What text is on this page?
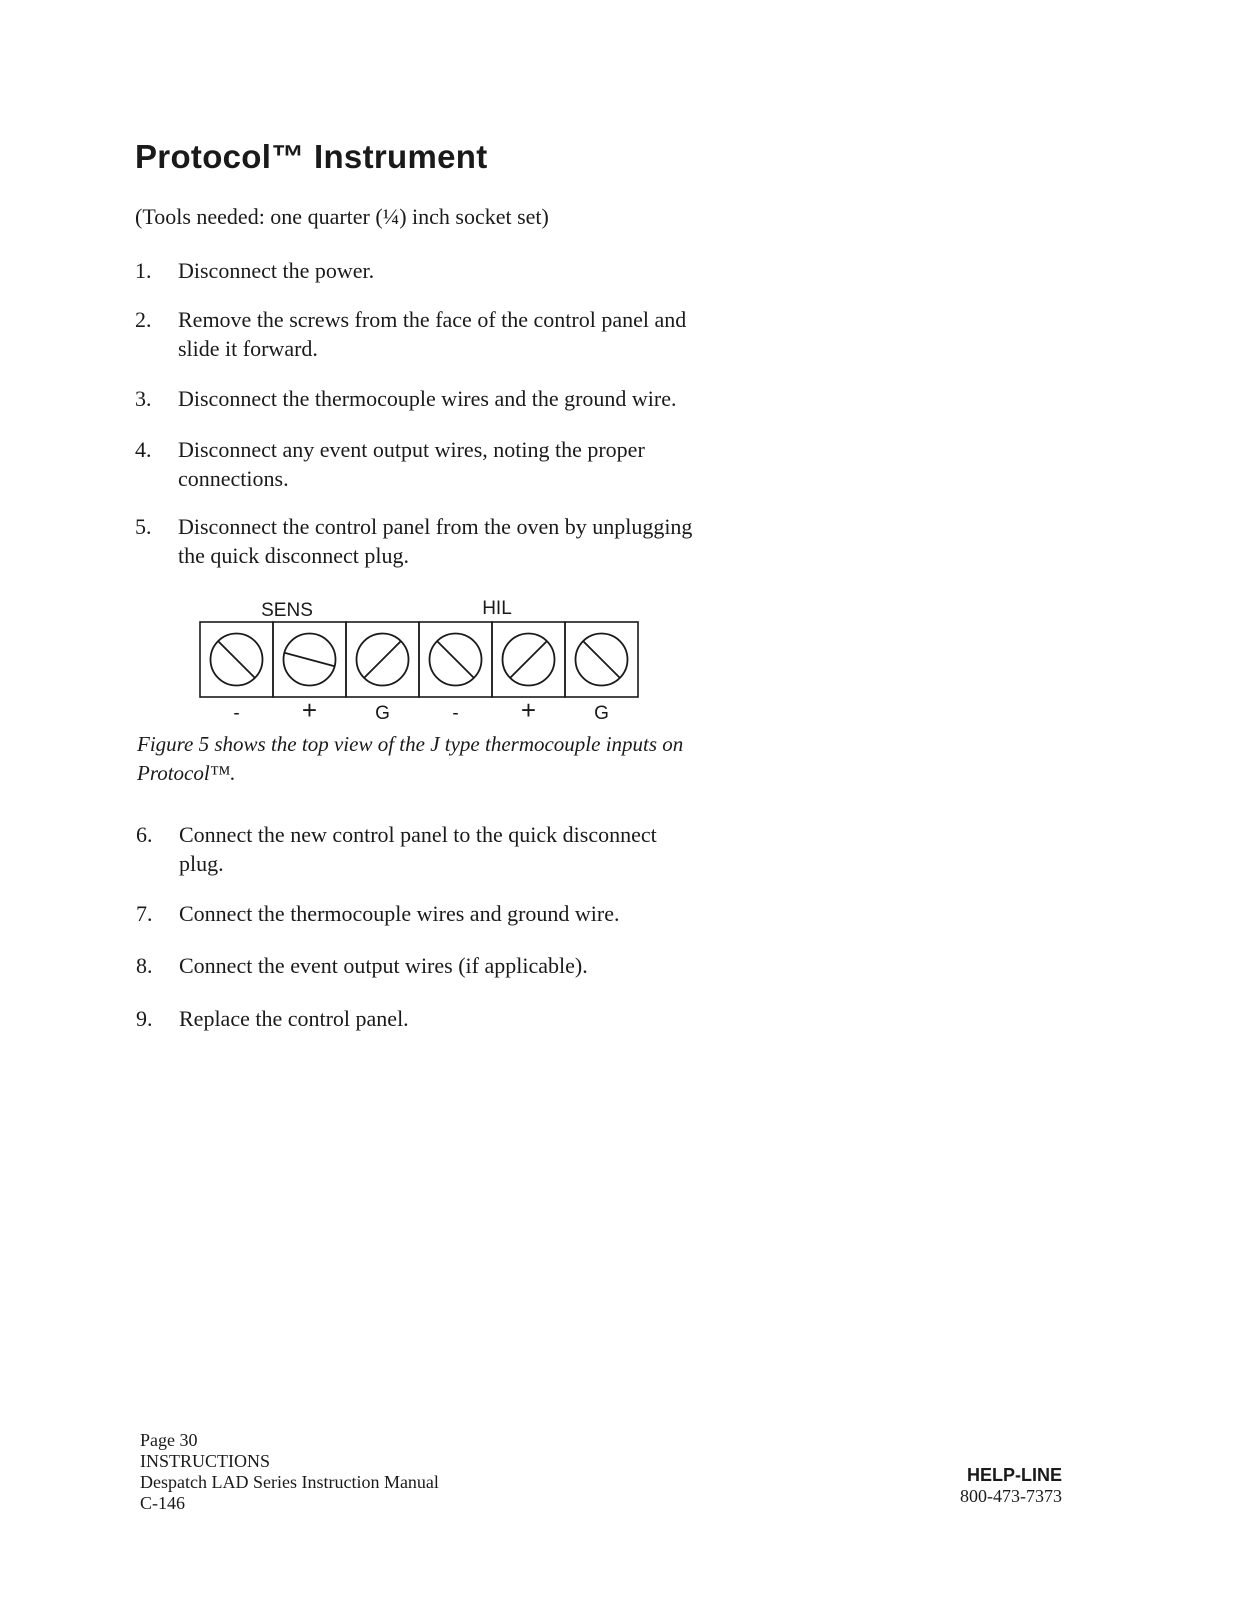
Protocol™ Instrument
(Tools needed: one quarter (¼) inch socket set)
1. Disconnect the power.
2. Remove the screws from the face of the control panel and slide it forward.
3. Disconnect the thermocouple wires and the ground wire.
4. Disconnect any event output wires, noting the proper connections.
5. Disconnect the control panel from the oven by unplugging the quick disconnect plug.
SENS	HIL
- +	G	- +	G
Figure 5 shows the top view of the J type thermocouple inputs on Protocol™.
6. Connect the new control panel to the quick disconnect plug.
7. Connect the thermocouple wires and ground wire.
8. Connect the event output wires (if applicable).
9. Replace the control panel.
Page 30
INSTRUCTIONS
Despatch LAD Series Instruction Manual
C-146
HELP-LINE
800-473-7373
